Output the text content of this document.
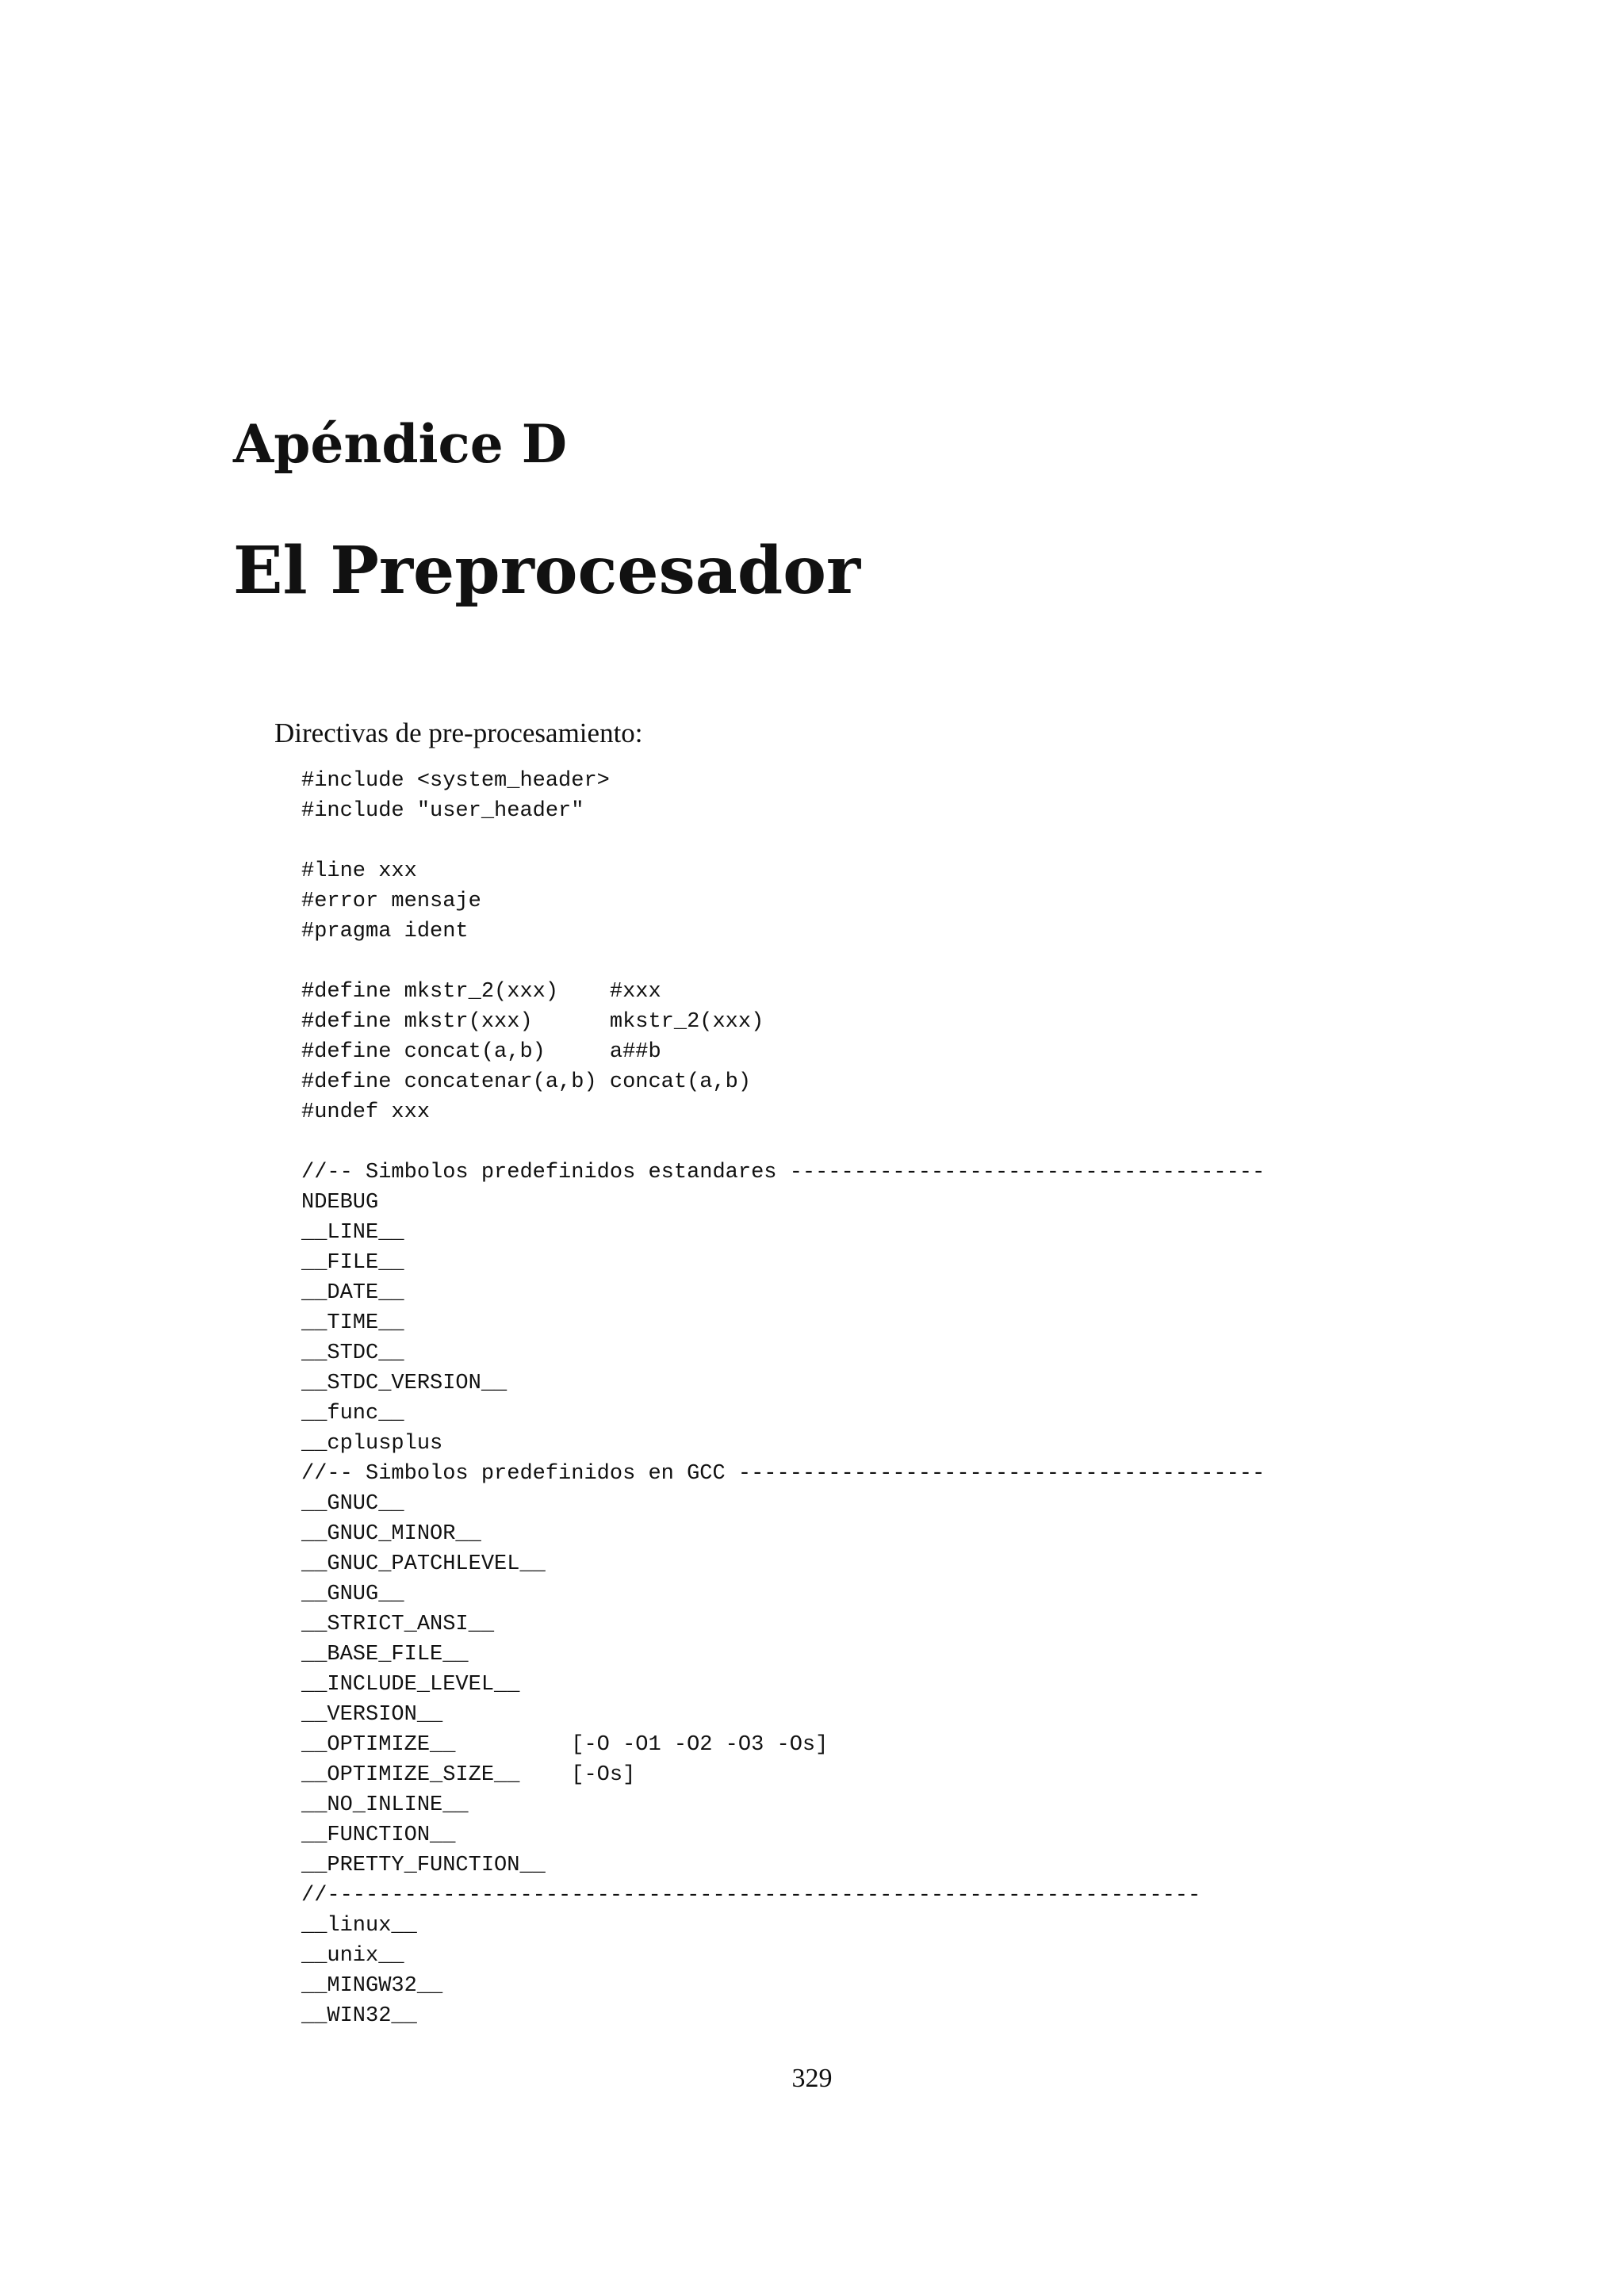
Apéndice D
El Preprocesador

Directivas de pre-procesamiento:

#include <system_header>
#include "user_header"

#line xxx
#error mensaje
#pragma ident

#define mkstr_2(xxx)    #xxx
#define mkstr(xxx)      mkstr_2(xxx)
#define concat(a,b)     a##b
#define concatenar(a,b) concat(a,b)
#undef xxx

//-- Simbolos predefinidos estandares -------------------------------------
NDEBUG
__LINE__
__FILE__
__DATE__
__TIME__
__STDC__
__STDC_VERSION__
__func__
__cplusplus
//-- Simbolos predefinidos en GCC -----------------------------------------
__GNUC__
__GNUC_MINOR__
__GNUC_PATCHLEVEL__
__GNUG__
__STRICT_ANSI__
__BASE_FILE__
__INCLUDE_LEVEL__
__VERSION__
__OPTIMIZE__         [-O -O1 -O2 -O3 -Os]
__OPTIMIZE_SIZE__    [-Os]
__NO_INLINE__
__FUNCTION__
__PRETTY_FUNCTION__
//--------------------------------------------------------------------
__linux__
__unix__
__MINGW32__
__WIN32__
329
